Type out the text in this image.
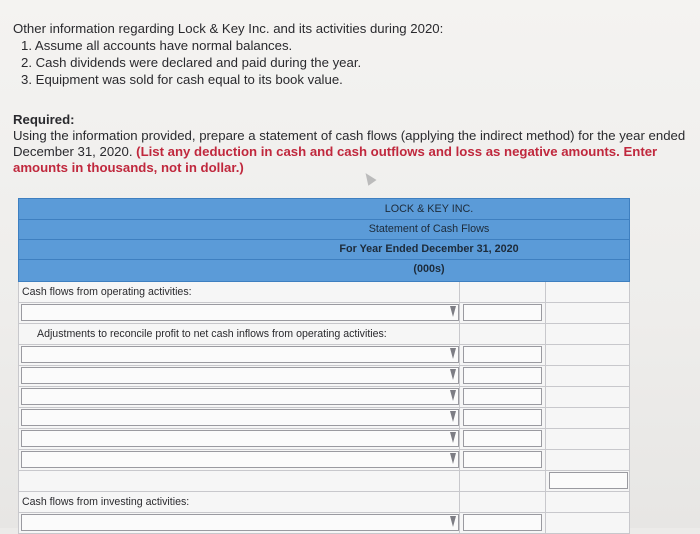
Other information regarding Lock & Key Inc. and its activities during 2020:
1. Assume all accounts have normal balances.
2. Cash dividends were declared and paid during the year.
3. Equipment was sold for cash equal to its book value.
Required:
Using the information provided, prepare a statement of cash flows (applying the indirect method) for the year ended December 31, 2020. (List any deduction in cash and cash outflows and loss as negative amounts. Enter amounts in thousands, not in dollar.)
LOCK & KEY INC.
Statement of Cash Flows
For Year Ended December 31, 2020
(000s)
Cash flows from operating activities:
Adjustments to reconcile profit to net cash inflows from operating activities:
Cash flows from investing activities:
